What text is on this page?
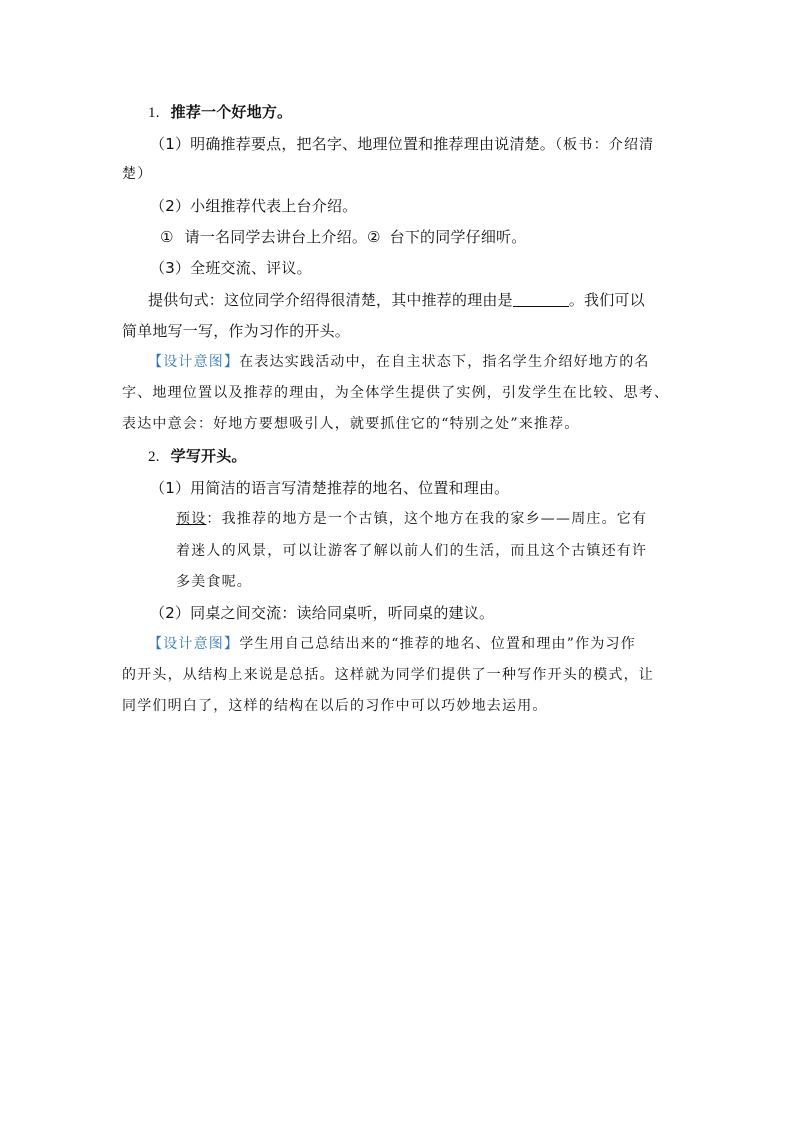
1. 推荐一个好地方。
（1）明确推荐要点，把名字、地理位置和推荐理由说清楚。（板书：介绍清
楚）
（2）小组推荐代表上台介绍。
① 请一名同学去讲台上介绍。② 台下的同学仔细听。
（3）全班交流、评议。
提供句式：这位同学介绍得很清楚，其中推荐的理由是	。我们可以
简单地写一写，作为习作的开头。
【设计意图】在表达实践活动中，在自主状态下，指名学生介绍好地方的名
字、地理位置以及推荐的理由，为全体学生提供了实例，引发学生在比较、思考、
表达中意会：好地方要想吸引人，就要抓住它的“特别之处”来推荐。
2. 学写开头。
（1）用简洁的语言写清楚推荐的地名、位置和理由。
预设：我推荐的地方是一个古镇，这个地方在我的家乡——周庄。它有
着迷人的风景，可以让游客了解以前人们的生活，而且这个古镇还有许
多美食呢。
（2）同桌之间交流：读给同桌听，听同桌的建议。
【设计意图】学生用自己总结出来的“推荐的地名、位置和理由”作为习作
的开头，从结构上来说是总括。这样就为同学们提供了一种写作开头的模式，让
同学们明白了，这样的结构在以后的习作中可以巧妙地去运用。
